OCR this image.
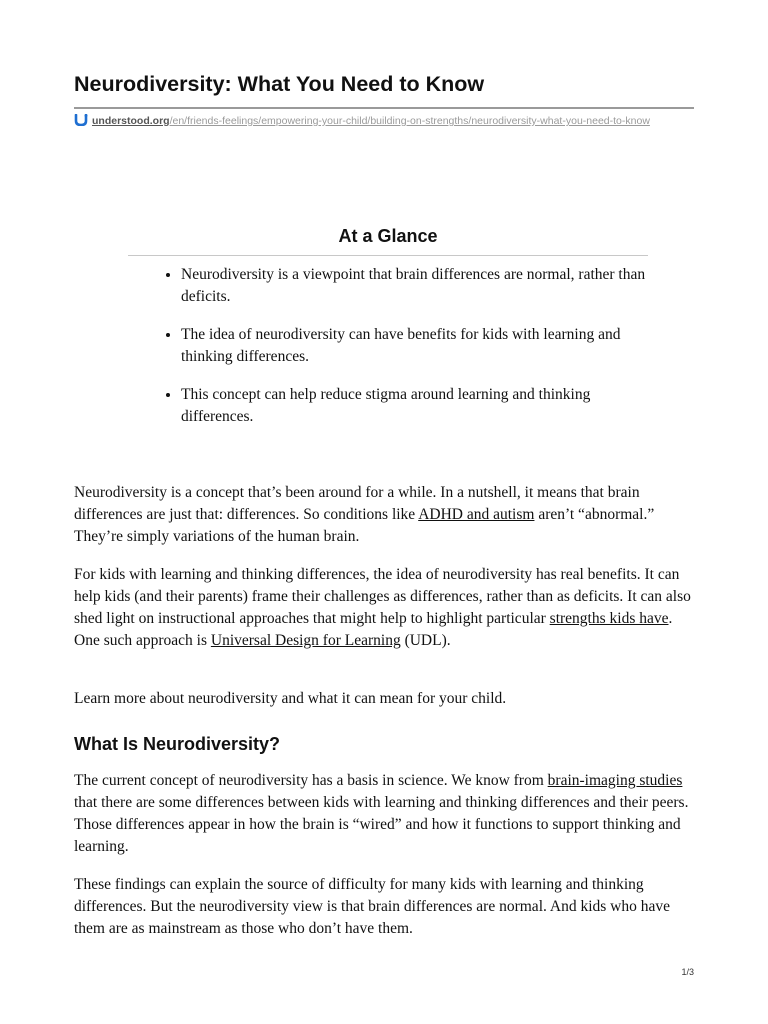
Neurodiversity: What You Need to Know
understood.org/en/friends-feelings/empowering-your-child/building-on-strengths/neurodiversity-what-you-need-to-know
At a Glance
• Neurodiversity is a viewpoint that brain differences are normal, rather than deficits.
• The idea of neurodiversity can have benefits for kids with learning and thinking differences.
• This concept can help reduce stigma around learning and thinking differences.

Neurodiversity is a concept that’s been around for a while. In a nutshell, it means that brain differences are just that: differences. So conditions like ADHD and autism aren’t “abnormal.” They’re simply variations of the human brain.

For kids with learning and thinking differences, the idea of neurodiversity has real benefits. It can help kids (and their parents) frame their challenges as differences, rather than as deficits. It can also shed light on instructional approaches that might help to highlight particular strengths kids have. One such approach is Universal Design for Learning (UDL).

Learn more about neurodiversity and what it can mean for your child.

What Is Neurodiversity?

The current concept of neurodiversity has a basis in science. We know from brain-imaging studies that there are some differences between kids with learning and thinking differences and their peers. Those differences appear in how the brain is “wired” and how it functions to support thinking and learning.

These findings can explain the source of difficulty for many kids with learning and thinking differences. But the neurodiversity view is that brain differences are normal. And kids who have them are as mainstream as those who don’t have them.

1/3
